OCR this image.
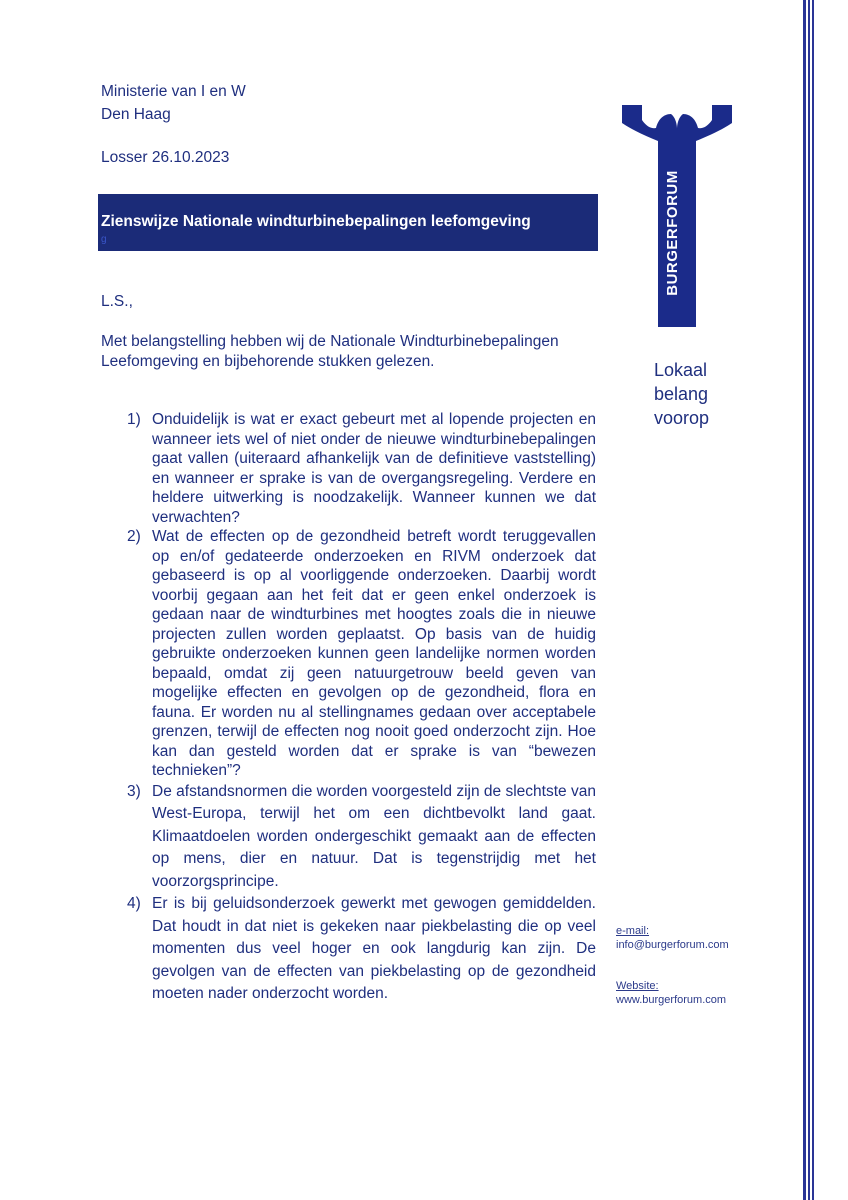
Ministerie van I en W
Den Haag
Losser 26.10.2023
Zienswijze Nationale windturbinebepalingen leefomgeving
g
L.S.,
Met belangstelling hebben wij de Nationale Windturbinebepalingen Leefomgeving en bijbehorende stukken gelezen.
1) Onduidelijk is wat er exact gebeurt met al lopende projecten en wanneer iets wel of niet onder de nieuwe windturbinebepalingen gaat vallen (uiteraard afhankelijk van de definitieve vaststelling) en wanneer er sprake is van de overgangsregeling. Verdere en heldere uitwerking is noodzakelijk. Wanneer kunnen we dat verwachten?
2) Wat de effecten op de gezondheid betreft wordt teruggevallen op en/of gedateerde onderzoeken en RIVM onderzoek dat gebaseerd is op al voorliggende onderzoeken. Daarbij wordt voorbij gegaan aan het feit dat er geen enkel onderzoek is gedaan naar de windturbines met hoogtes zoals die in nieuwe projecten zullen worden geplaatst. Op basis van de huidig gebruikte onderzoeken kunnen geen landelijke normen worden bepaald, omdat zij geen natuurgetrouw beeld geven van mogelijke effecten en gevolgen op de gezondheid, flora en fauna. Er worden nu al stellingnames gedaan over acceptabele grenzen, terwijl de effecten nog nooit goed onderzocht zijn. Hoe kan dan gesteld worden dat er sprake is van “bewezen technieken”?
3) De afstandsnormen die worden voorgesteld zijn de slechtste van West-Europa, terwijl het om een dichtbevolkt land gaat. Klimaatdoelen worden ondergeschikt gemaakt aan de effecten op mens, dier en natuur. Dat is tegenstrijdig met het voorzorgsprincipe.
4) Er is bij geluidsonderzoek gewerkt met gewogen gemiddelden. Dat houdt in dat niet is gekeken naar piekbelasting die op veel momenten dus veel hoger en ook langdurig kan zijn. De gevolgen van de effecten van piekbelasting op de gezondheid moeten nader onderzocht worden.
BURGERFORUM
Lokaal
belang
voorop
e-mail:
info@burgerforum.com
Website:
www.burgerforum.com
